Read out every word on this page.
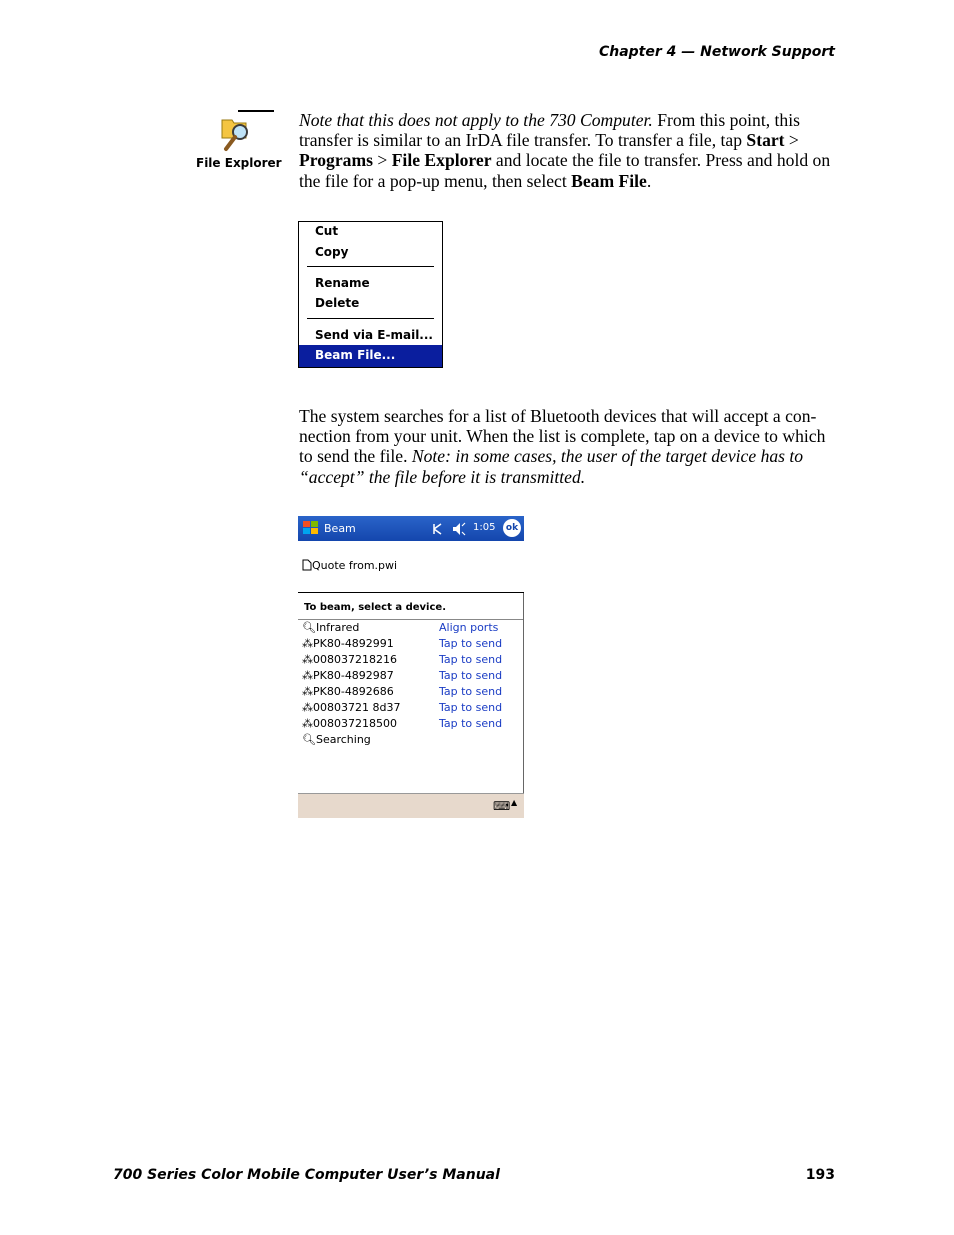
Chapter 4 — Network Support
File Explorer
Note that this does not apply to the 730 Computer. From this point, this transfer is similar to an IrDA file transfer. To transfer a file, tap Start > Programs > File Explorer and locate the file to transfer. Press and hold on the file for a pop-up menu, then select Beam File.
Cut
Copy
Rename
Delete
Send via E-mail...
Beam File...
The system searches for a list of Bluetooth devices that will accept a con-nection from your unit. When the list is complete, tap on a device to which to send the file. Note: in some cases, the user of the target device has to “accept” the file before it is transmitted.
Beam	1:05	ok
Quote from.pwi
To beam, select a device.
🔍︎Infrared	Align ports
⁂PK80-4892991	Tap to send
⁂008037218216	Tap to send
⁂PK80-4892987	Tap to send
⁂PK80-4892686	Tap to send
⁂00803721 8d37	Tap to send
⁂008037218500	Tap to send
🔍︎Searching
⌨ ▲
700 Series Color Mobile Computer User’s Manual	193
